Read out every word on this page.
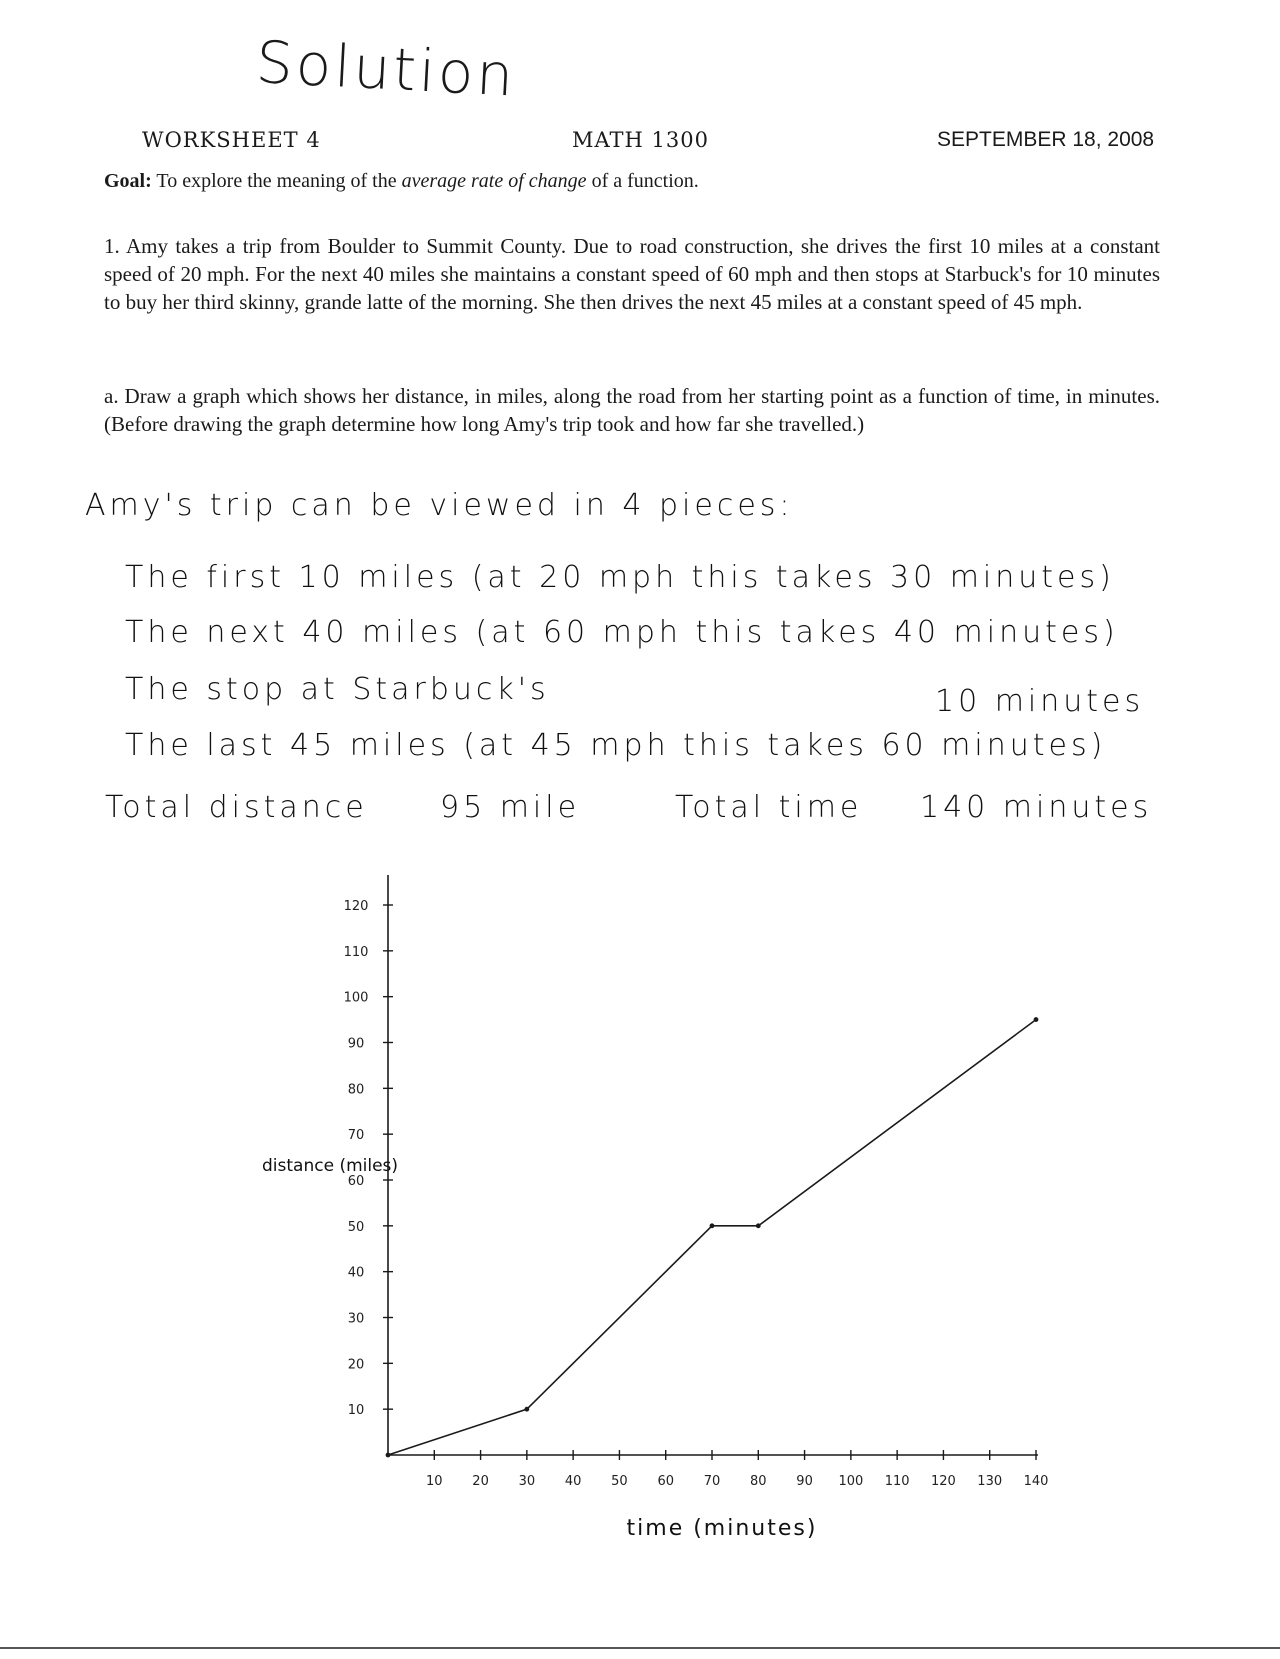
Solution
WORKSHEET 4	MATH 1300	SEPTEMBER 18, 2008
Goal: To explore the meaning of the average rate of change of a function.
1. Amy takes a trip from Boulder to Summit County. Due to road construction, she drives the first 10 miles at a constant speed of 20 mph. For the next 40 miles she maintains a constant speed of 60 mph and then stops at Starbuck's for 10 minutes to buy her third skinny, grande latte of the morning. She then drives the next 45 miles at a constant speed of 45 mph.
a. Draw a graph which shows her distance, in miles, along the road from her starting point as a function of time, in minutes. (Before drawing the graph determine how long Amy's trip took and how far she travelled.)
Amy's trip can be viewed in 4 pieces:
The first 10 miles (at 20 mph this takes 30 minutes)
The next 40 miles (at 60 mph this takes 40 minutes)
The stop at Starbuck's	10 minutes
The last 45 miles (at 45 mph this takes 60 minutes)
Total distance 95 mile	Total time 140 minutes
10
20
30
40
50
60
70
80
90
100
110
120
10 20 30 40 50 60 70 80 90 100 110 120 130 140
time (minutes)
distance (miles)
